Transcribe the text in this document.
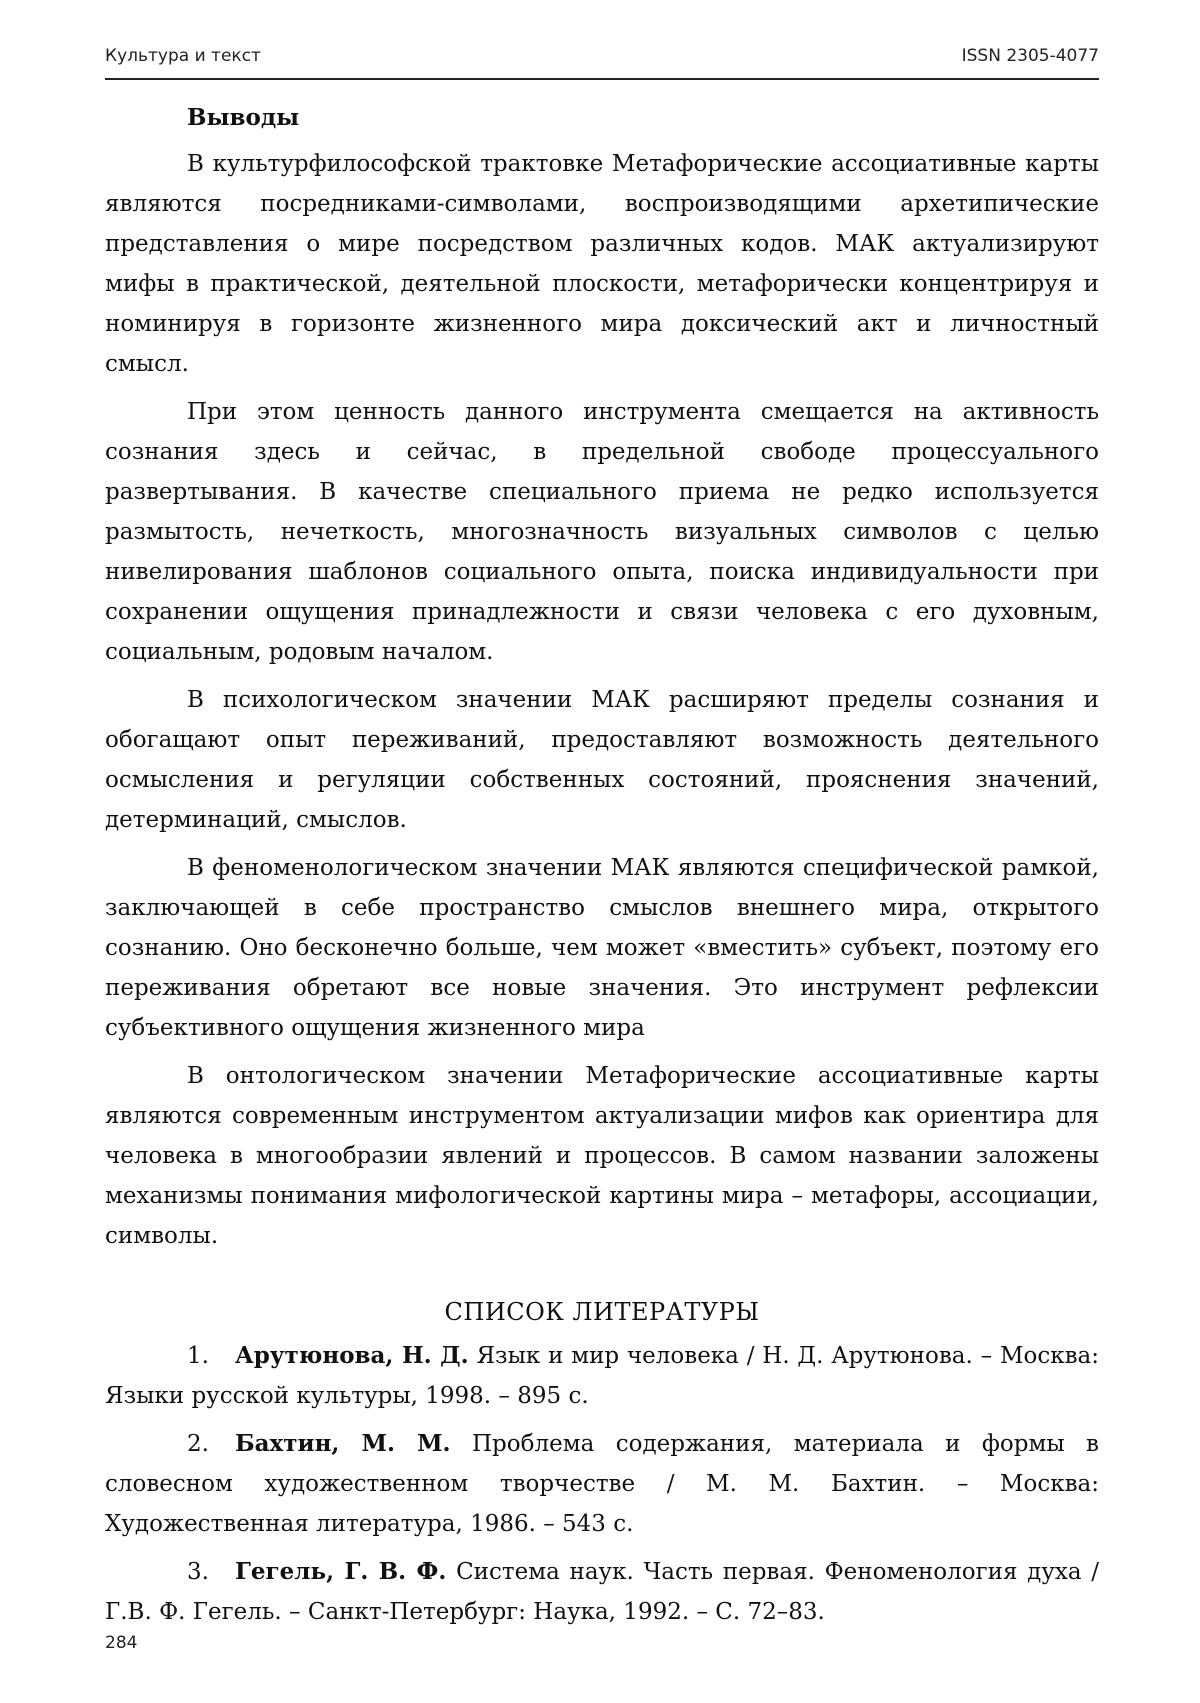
Культура и текст	ISSN 2305-4077
Выводы

В культурфилософской трактовке Метафорические ассоциативные карты являются посредниками-символами, воспроизводящими архетипические представления о мире посредством различных кодов. МАК актуализируют мифы в практической, деятельной плоскости, метафорически концентрируя и номинируя в горизонте жизненного мира доксический акт и личностный смысл.

При этом ценность данного инструмента смещается на активность сознания здесь и сейчас, в предельной свободе процессуального развертывания. В качестве специального приема не редко используется размытость, нечеткость, многозначность визуальных символов с целью нивелирования шаблонов социального опыта, поиска индивидуальности при сохранении ощущения принадлежности и связи человека с его духовным, социальным, родовым началом.

В психологическом значении МАК расширяют пределы сознания и обогащают опыт переживаний, предоставляют возможность деятельного осмысления и регуляции собственных состояний, прояснения значений, детерминаций, смыслов.

В феноменологическом значении МАК являются специфической рамкой, заключающей в себе пространство смыслов внешнего мира, открытого сознанию. Оно бесконечно больше, чем может «вместить» субъект, поэтому его переживания обретают все новые значения. Это инструмент рефлексии субъективного ощущения жизненного мира

В онтологическом значении Метафорические ассоциативные карты являются современным инструментом актуализации мифов как ориентира для человека в многообразии явлений и процессов. В самом названии заложены механизмы понимания мифологической картины мира – метафоры, ассоциации, символы.

СПИСОК ЛИТЕРАТУРЫ
1. Арутюнова, Н. Д. Язык и мир человека / Н. Д. Арутюнова. – Москва: Языки русской культуры, 1998. – 895 с.
2. Бахтин, М. М. Проблема содержания, материала и формы в словесном художественном творчестве / М. М. Бахтин. – Москва: Художественная литература, 1986. – 543 с.
3. Гегель, Г. В. Ф. Система наук. Часть первая. Феноменология духа / Г.В. Ф. Гегель. – Санкт-Петербург: Наука, 1992. – С. 72–83.
284
